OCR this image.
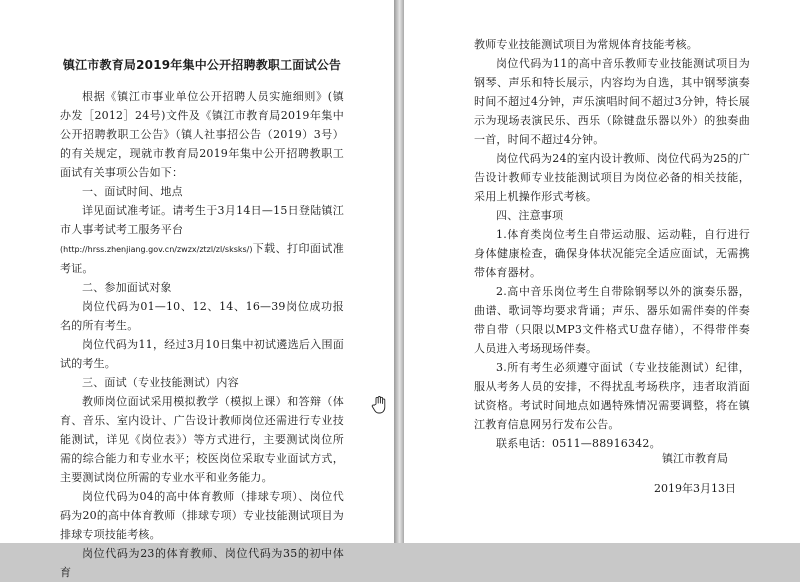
镇江市教育局2019年集中公开招聘教职工面试公告

根据《镇江市事业单位公开招聘人员实施细则》(镇办发［2012］24号)文件及《镇江市教育局2019年集中公开招聘教职工公告》（镇人社事招公告（2019）3号）的有关规定，现就市教育局2019年集中公开招聘教职工面试有关事项公告如下：

一、面试时间、地点

详见面试准考证。请考生于3月14日—15日登陆镇江市人事考试考工服务平台

(http://hrss.zhenjiang.gov.cn/zwzx/ztzl/zl/sksks/)下载、打印面试准考证。

二、参加面试对象

岗位代码为01—10、12、14、16—39岗位成功报名的所有考生。

岗位代码为11，经过3月10日集中初试遴选后入围面试的考生。

三、面试（专业技能测试）内容

教师岗位面试采用模拟教学（模拟上课）和答辩（体育、音乐、室内设计、广告设计教师岗位还需进行专业技能测试，详见《岗位表》）等方式进行，主要测试岗位所需的综合能力和专业水平；校医岗位采取专业面试方式，主要测试岗位所需的专业水平和业务能力。

岗位代码为04的高中体育教师（排球专项）、岗位代码为20的高中体育教师（排球专项）专业技能测试项目为排球专项技能考核。

岗位代码为23的体育教师、岗位代码为35的初中体育

教师专业技能测试项目为常规体育技能考核。

岗位代码为11的高中音乐教师专业技能测试项目为钢琴、声乐和特长展示，内容均为自选，其中钢琴演奏时间不超过4分钟，声乐演唱时间不超过3分钟，特长展示为现场表演民乐、西乐（除键盘乐器以外）的独奏曲一首，时间不超过4分钟。

岗位代码为24的室内设计教师、岗位代码为25的广告设计教师专业技能测试项目为岗位必备的相关技能，采用上机操作形式考核。

四、注意事项

1.体育类岗位考生自带运动服、运动鞋，自行进行身体健康检查，确保身体状况能完全适应面试，无需携带体育器材。

2.高中音乐岗位考生自带除钢琴以外的演奏乐器，曲谱、歌词等均要求背诵；声乐、器乐如需伴奏的伴奏带自带（只限以MP3文件格式U盘存储），不得带伴奏人员进入考场现场伴奏。

3.所有考生必须遵守面试（专业技能测试）纪律，服从考务人员的安排，不得扰乱考场秩序，违者取消面试资格。考试时间地点如遇特殊情况需要调整，将在镇江教育信息网另行发布公告。

联系电话：0511—88916342。

镇江市教育局
2019年3月13日
